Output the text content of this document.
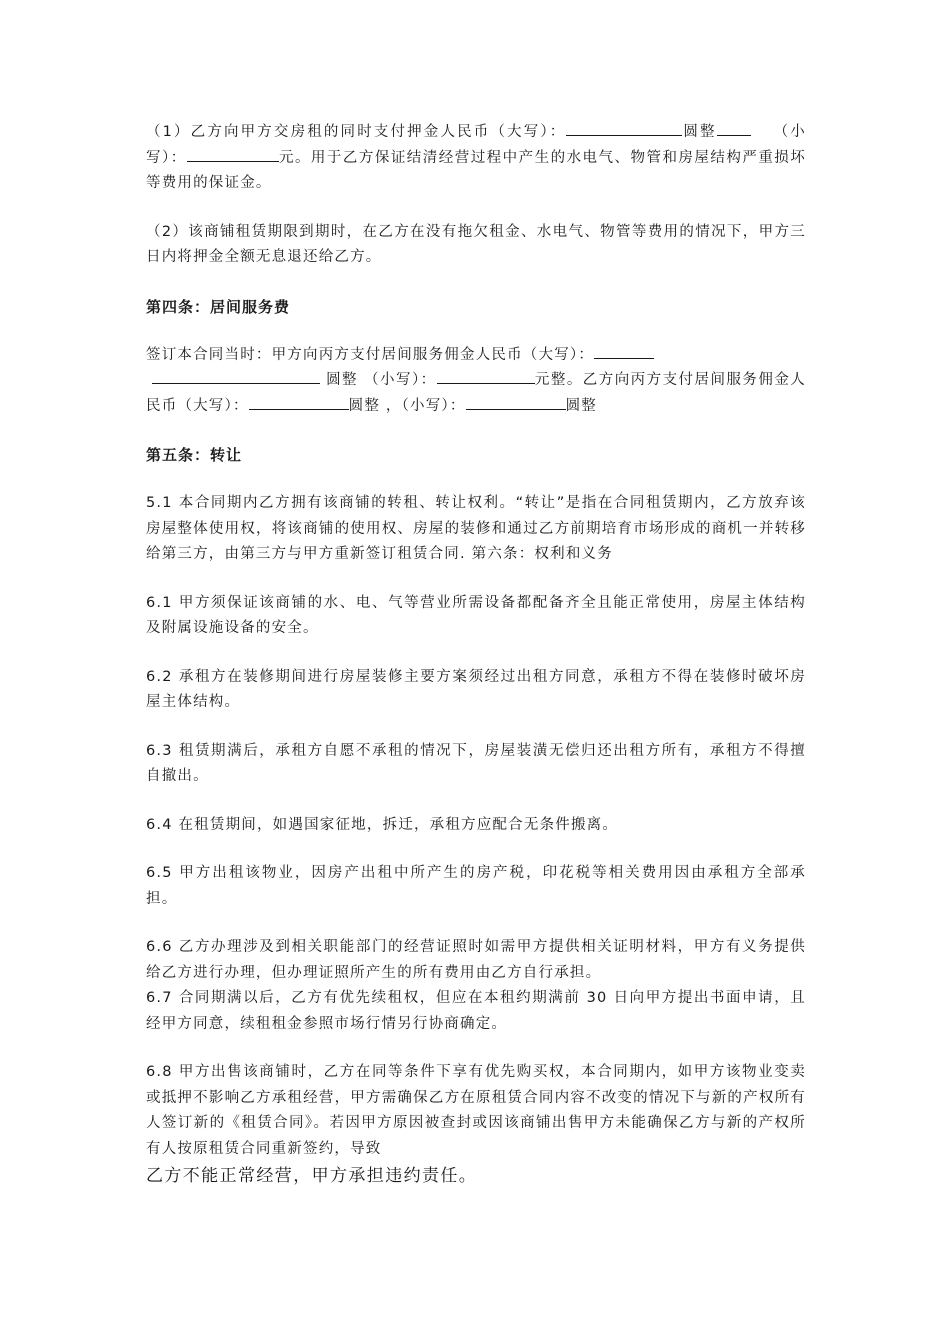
（1）乙方向甲方交房租的同时支付押金人民币（大写）：	圆整	（小写）：	元。用于乙方保证结清经营过程中产生的水电气、物管和房屋结构严重损坏等费用的保证金。

（2）该商铺租赁期限到期时，在乙方在没有拖欠租金、水电气、物管等费用的情况下，甲方三日内将押金全额无息退还给乙方。

第四条：居间服务费

签订本合同当时：甲方向丙方支付居间服务佣金人民币（大写）：
圆整 （小写）：	元整。乙方向丙方支付居间服务佣金人民币（大写）：	圆整 ，（小写）：	圆整

第五条：转让

5.1 本合同期内乙方拥有该商铺的转租、转让权利。“转让”是指在合同租赁期内，乙方放弃该房屋整体使用权，将该商铺的使用权、房屋的装修和通过乙方前期培育市场形成的商机一并转移给第三方，由第三方与甲方重新签订租赁合同. 第六条：权利和义务

6.1 甲方须保证该商铺的水、电、气等营业所需设备都配备齐全且能正常使用，房屋主体结构及附属设施设备的安全。

6.2 承租方在装修期间进行房屋装修主要方案须经过出租方同意，承租方不得在装修时破坏房屋主体结构。

6.3 租赁期满后，承租方自愿不承租的情况下，房屋装潢无偿归还出租方所有，承租方不得擅自撤出。

6.4 在租赁期间，如遇国家征地，拆迁，承租方应配合无条件搬离。

6.5 甲方出租该物业，因房产出租中所产生的房产税，印花税等相关费用因由承租方全部承担。

6.6 乙方办理涉及到相关职能部门的经营证照时如需甲方提供相关证明材料，甲方有义务提供给乙方进行办理，但办理证照所产生的所有费用由乙方自行承担。

6.7 合同期满以后，乙方有优先续租权，但应在本租约期满前 30 日向甲方提出书面申请，且经甲方同意，续租租金参照市场行情另行协商确定。

6.8 甲方出售该商铺时，乙方在同等条件下享有优先购买权，本合同期内，如甲方该物业变卖或抵押不影响乙方承租经营，甲方需确保乙方在原租赁合同内容不改变的情况下与新的产权所有人签订新的《租赁合同》。若因甲方原因被查封或因该商铺出售甲方未能确保乙方与新的产权所有人按原租赁合同重新签约，导致

乙方不能正常经营，甲方承担违约责任。
